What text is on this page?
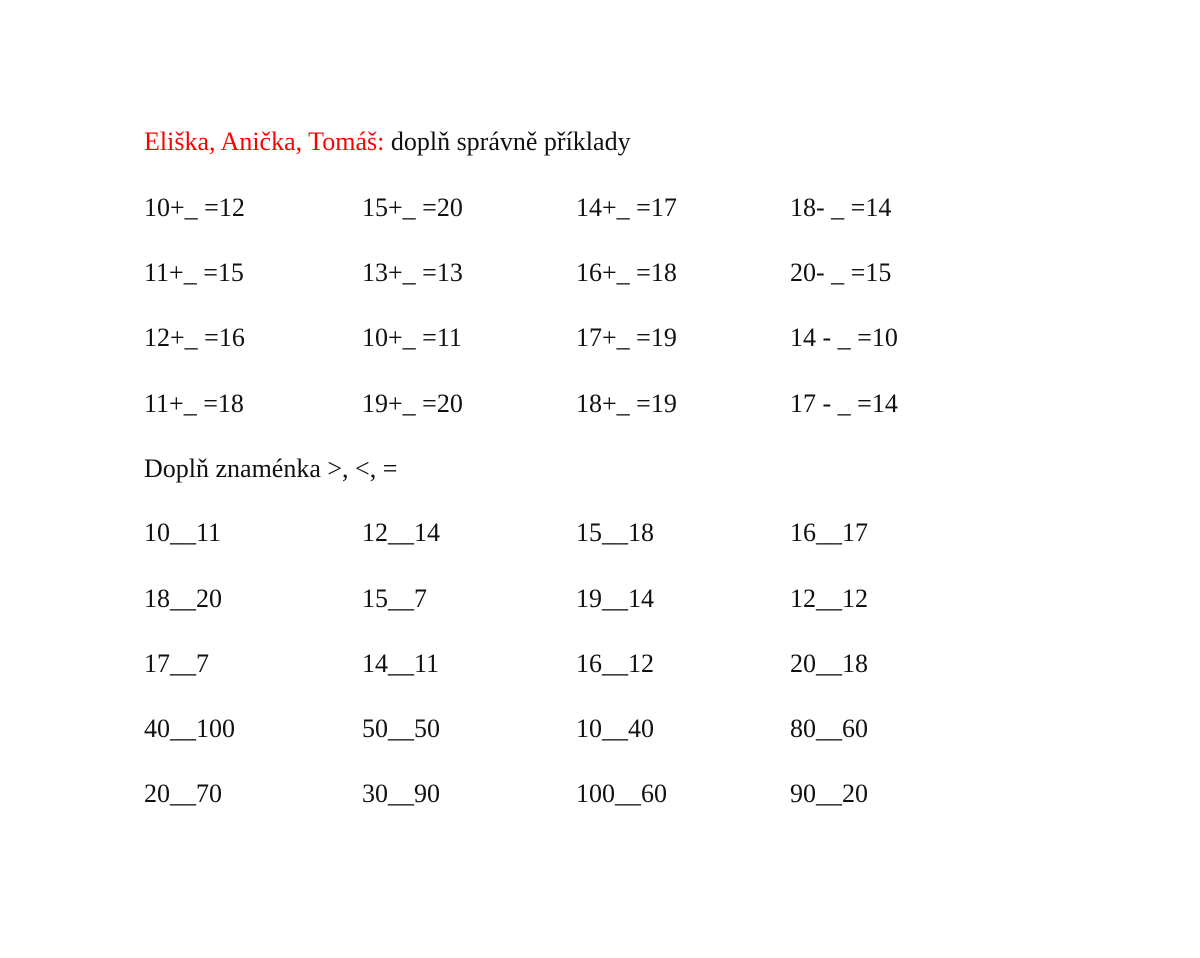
Eliška, Anička, Tomáš: doplň správně příklady
10+_ =12	15+_ =20	14+_ =17	18- _ =14
11+_ =15	13+_ =13	16+_ =18	20- _ =15
12+_ =16	10+_ =11	17+_ =19	14 - _ =10
11+_ =18	19+_ =20	18+_ =19	17 - _ =14
Doplň znaménka >, <, =
10__11	12__14	15__18	16__17
18__20	15__7	19__14	12__12
17__7	14__11	16__12	20__18
40__100	50__50	10__40	80__60
20__70	30__90	100__60	90__20
